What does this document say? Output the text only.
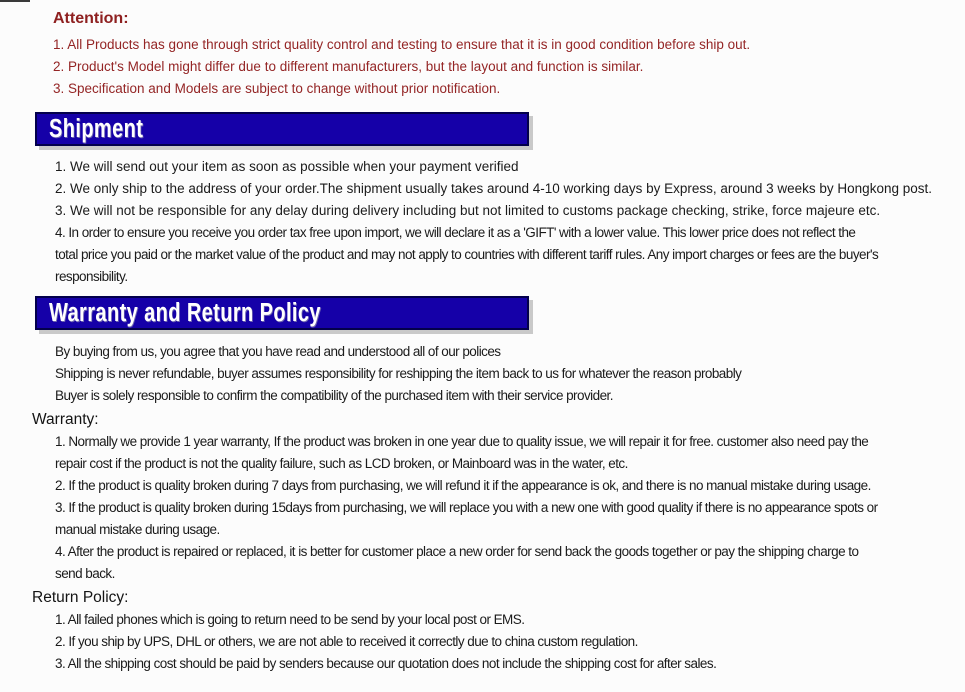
Attention:
1. All Products has gone through strict quality control and testing to ensure that it is in good condition before ship out.
2. Product's Model might differ due to different manufacturers, but the layout and function is similar.
3. Specification and Models are subject to change without prior notification.
Shipment
1. We will send out your item as soon as possible when your payment verified
2. We only ship to the address of your order.The shipment usually takes around 4-10 working days by Express, around 3 weeks by Hongkong post.
3. We will not be responsible for any delay during delivery including but not limited to customs package checking, strike, force majeure etc.
4. In order to ensure you receive you order tax free upon import, we will declare it as a 'GIFT' with a lower value. This lower price does not reflect the
total price you paid or the market value of the product and may not apply to countries with different tariff rules. Any import charges or fees are the buyer's
responsibility.
Warranty and Return Policy
By buying from us, you agree that you have read and understood all of our polices
Shipping is never refundable, buyer assumes responsibility for reshipping the item back to us for whatever the reason probably
Buyer is solely responsible to confirm the compatibility of the purchased item with their service provider.
Warranty:
1. Normally we provide 1 year warranty, If the product was broken in one year due to quality issue, we will repair it for free. customer also need pay the
repair cost if the product is not the quality failure, such as LCD broken, or Mainboard was in the water, etc.
2. If the product is quality broken during 7 days from purchasing, we will refund it if the appearance is ok, and there is no manual mistake during usage.
3. If the product is quality broken during 15days from purchasing, we will replace you with a new one with good quality if there is no appearance spots or
manual mistake during usage.
4. After the product is repaired or replaced, it is better for customer place a new order for send back the goods together or pay the shipping charge to
send back.
Return Policy:
1. All failed phones which is going to return need to be send by your local post or EMS.
2. If you ship by UPS, DHL or others, we are not able to received it correctly due to china custom regulation.
3. All the shipping cost should be paid by senders because our quotation does not include the shipping cost for after sales.
